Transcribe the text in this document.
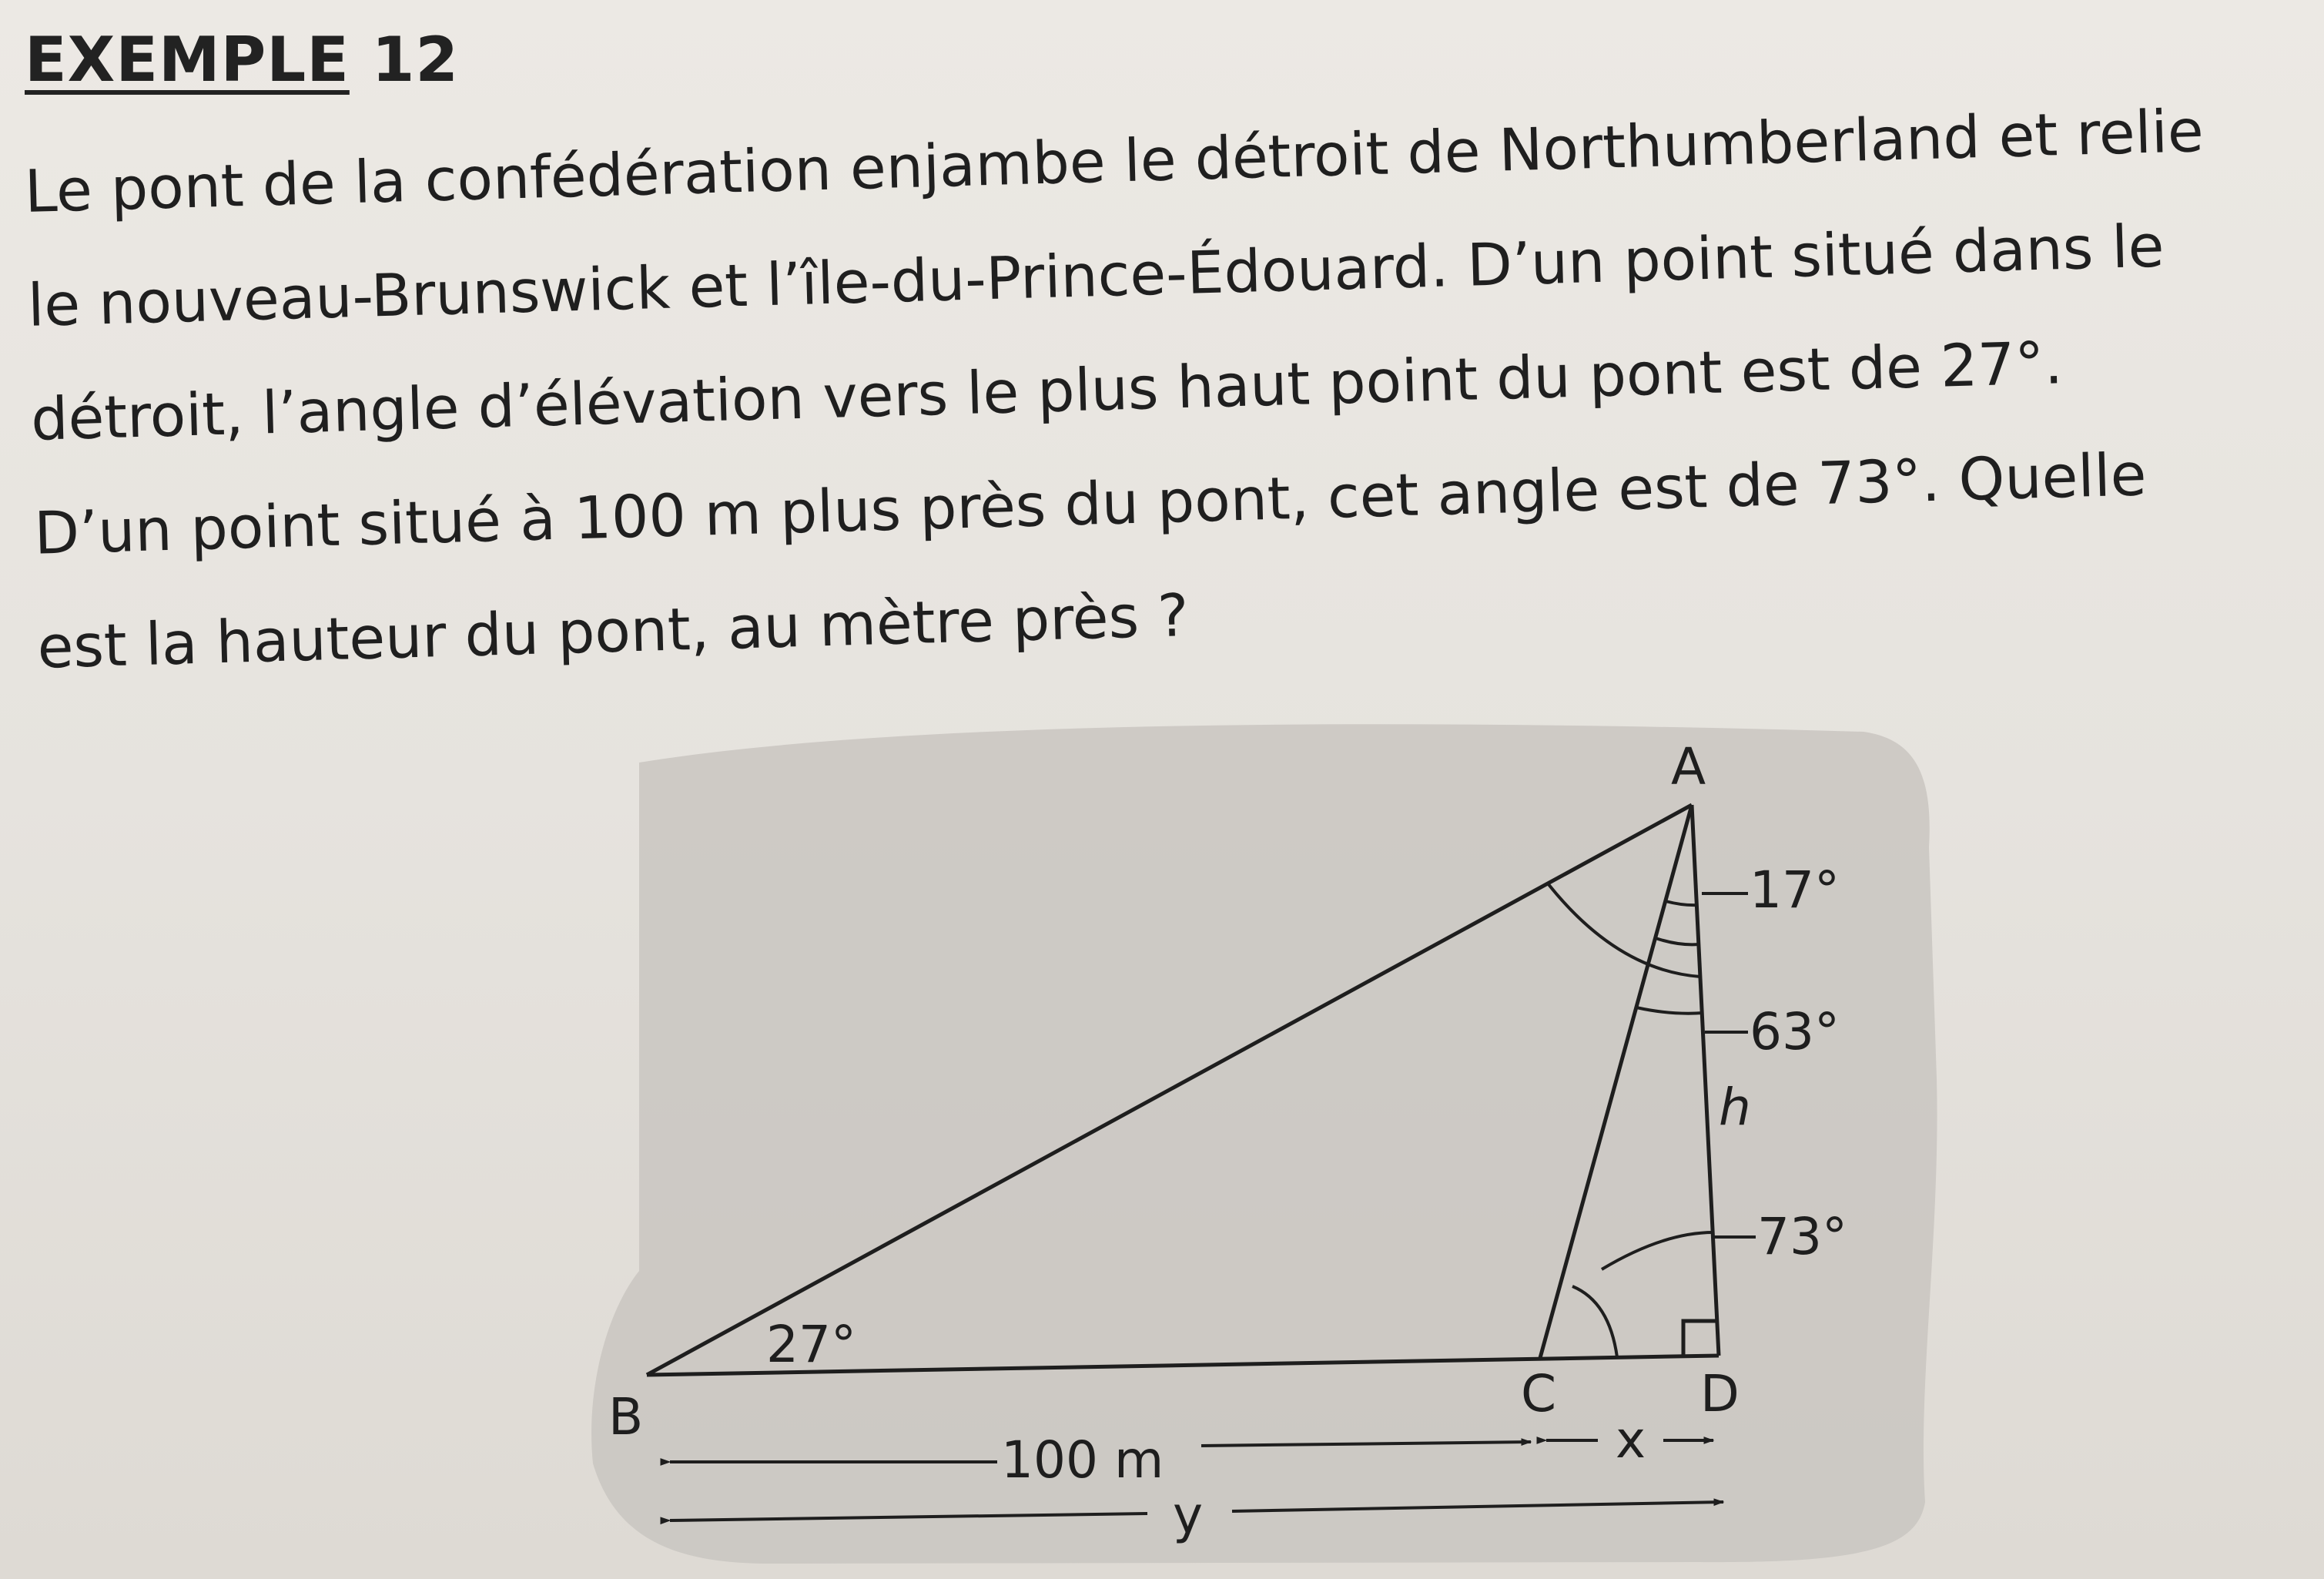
EXEMPLE 12
Le pont de la confédération enjambe le détroit de Northumberland et relie
le nouveau-Brunswick et l’île-du-Prince-Édouard. D’un point situé dans le
détroit, l’angle d’élévation vers le plus haut point du pont est de 27°.
D’un point situé à 100 m plus près du pont, cet angle est de 73°. Quelle
est la hauteur du pont, au mètre près ?
A
B	C	D
17°
63°
73°
27°
h
100 m	x
y
